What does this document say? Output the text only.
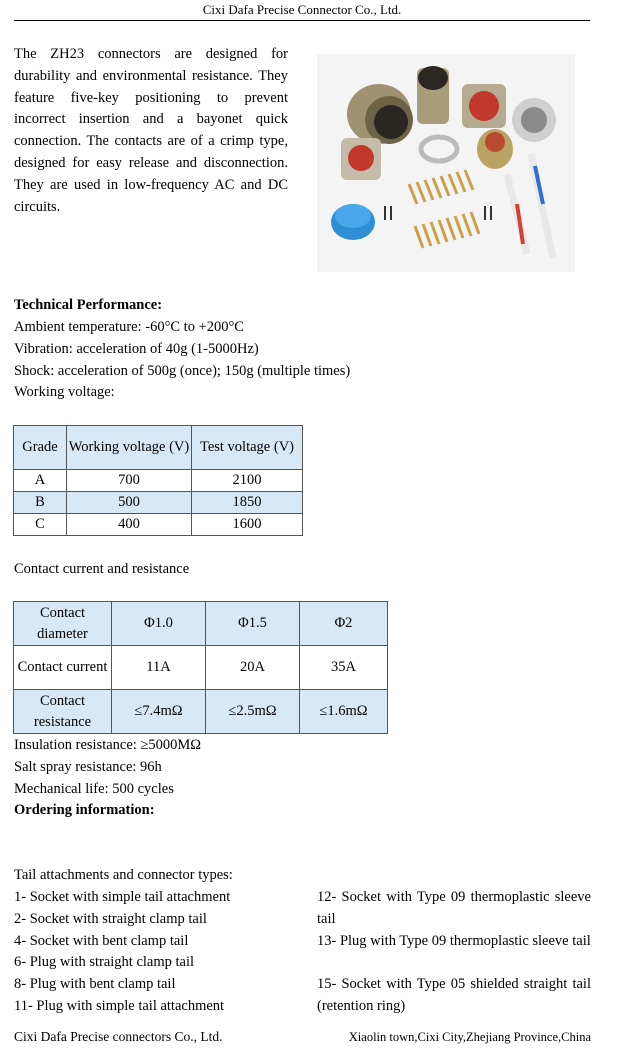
Cixi Dafa Precise Connector Co., Ltd.
The ZH23 connectors are designed for durability and environmental resistance. They feature five-key positioning to prevent incorrect insertion and a bayonet quick connection. The contacts are of a crimp type, designed for easy release and disconnection. They are used in low-frequency AC and DC circuits.
Technical Performance:
Ambient temperature: -60°C to +200°C
Vibration: acceleration of 40g (1-5000Hz)
Shock: acceleration of 500g (once); 150g (multiple times)
Working voltage:
Grade	Working voltage (V)	Test voltage (V)
A	700	2100
B	500	1850
C	400	1600
Contact current and resistance
Contact diameter	Φ1.0	Φ1.5	Φ2
Contact current	11A	20A	35A
Contact resistance	≤7.4mΩ	≤2.5mΩ	≤1.6mΩ
Insulation resistance: ≥5000MΩ
Salt spray resistance: 96h
Mechanical life: 500 cycles
Ordering information:
Tail attachments and connector types:
1- Socket with simple tail attachment
2- Socket with straight clamp tail
4- Socket with bent clamp tail
6- Plug with straight clamp tail
8- Plug with bent clamp tail
11- Plug with simple tail attachment
12- Socket with Type 09 thermoplastic sleeve tail
13- Plug with Type 09 thermoplastic sleeve tail
15- Socket with Type 05 shielded straight tail (retention ring)
Cixi Dafa Precise connectors Co., Ltd.	Xiaolin town,Cixi City,Zhejiang Province,China
